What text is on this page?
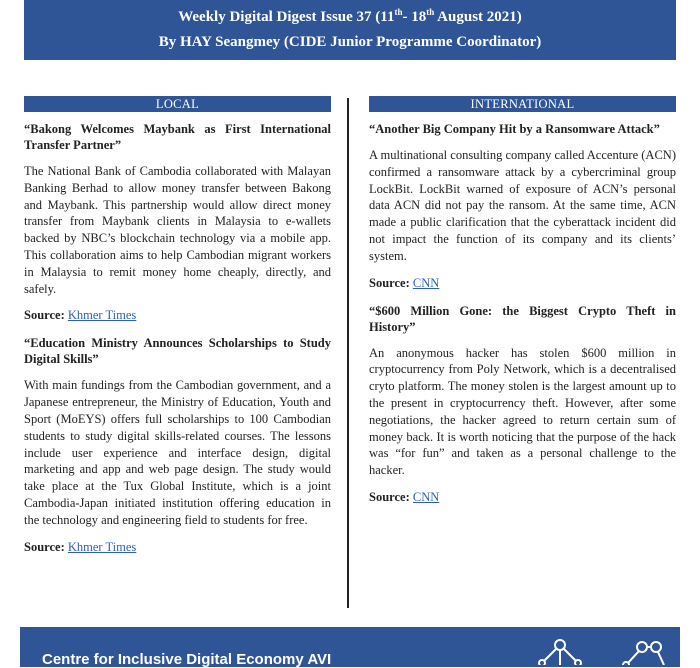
Weekly Digital Digest Issue 37 (11th- 18th August 2021)
By HAY Seangmey (CIDE Junior Programme Coordinator)
LOCAL

“Bakong Welcomes Maybank as First International Transfer Partner”

The National Bank of Cambodia collaborated with Malayan Banking Berhad to allow money transfer between Bakong and Maybank. This partnership would allow direct money transfer from Maybank clients in Malaysia to e-wallets backed by NBC’s blockchain technology via a mobile app. This collaboration aims to help Cambodian migrant workers in Malaysia to remit money home cheaply, directly, and safely.

Source: Khmer Times

“Education Ministry Announces Scholarships to Study Digital Skills”

With main fundings from the Cambodian government, and a Japanese entrepreneur, the Ministry of Education, Youth and Sport (MoEYS) offers full scholarships to 100 Cambodian students to study digital skills-related courses. The lessons include user experience and interface design, digital marketing and app and web page design. The study would take place at the Tux Global Institute, which is a joint Cambodia-Japan initiated institution offering education in the technology and engineering field to students for free.

Source: Khmer Times

INTERNATIONAL

“Another Big Company Hit by a Ransomware Attack”

A multinational consulting company called Accenture (ACN) confirmed a ransomware attack by a cybercriminal group LockBit. LockBit warned of exposure of ACN’s personal data ACN did not pay the ransom. At the same time, ACN made a public clarification that the cyberattack incident did not impact the function of its company and its clients’ system.

Source: CNN

“$600 Million Gone: the Biggest Crypto Theft in History”

An anonymous hacker has stolen $600 million in cryptocurrency from Poly Network, which is a decentralised cryto platform. The money stolen is the largest amount up to the present in cryptocurrency theft. However, after some negotiations, the hacker agreed to return certain sum of money back. It is worth noticing that the purpose of the hack was “for fun” and taken as a personal challenge to the hacker.

Source: CNN

Centre for Inclusive Digital Economy AVI
